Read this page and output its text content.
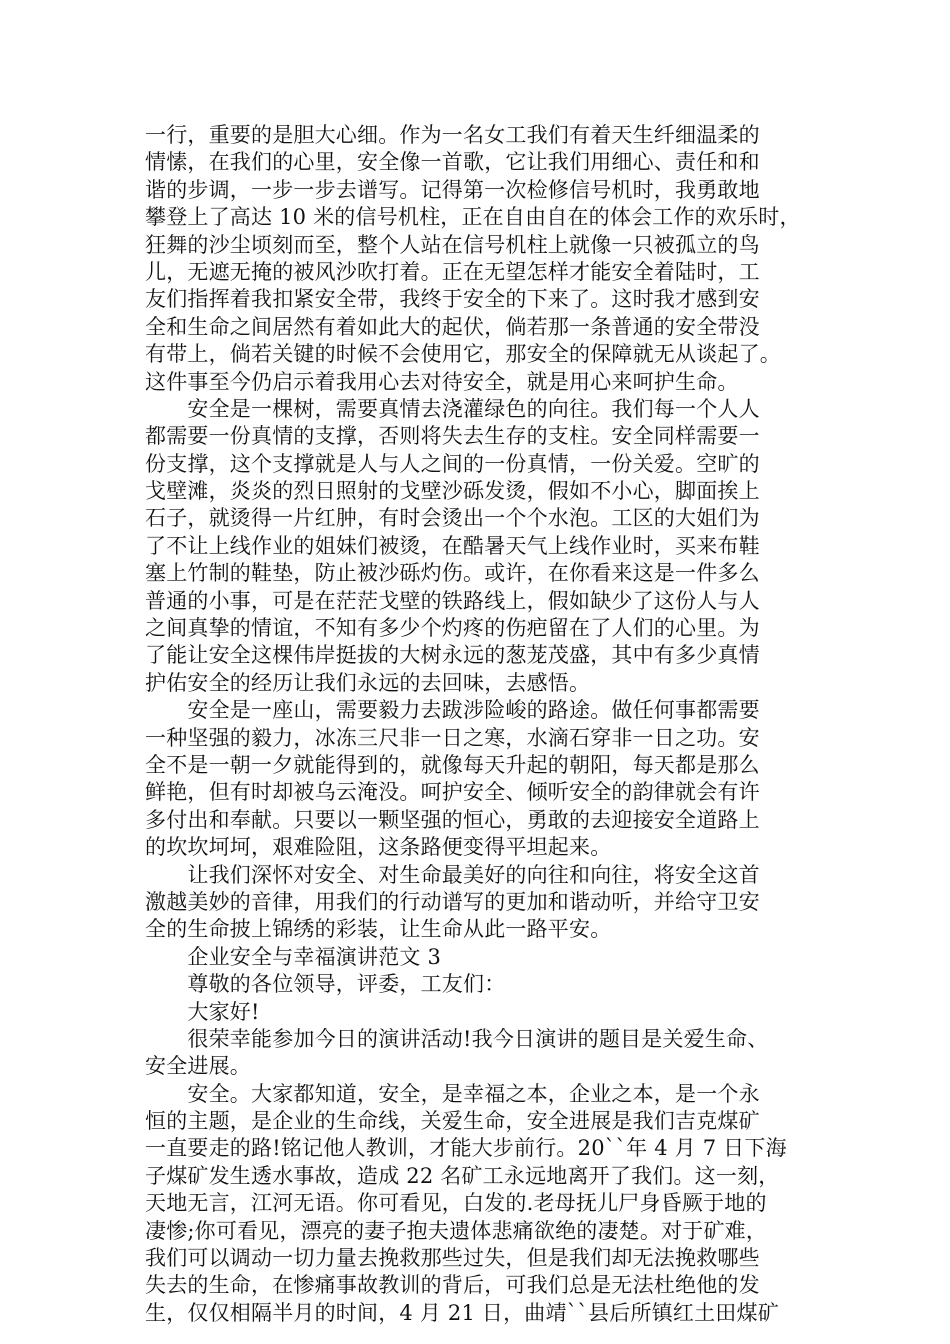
一行，重要的是胆大心细。作为一名女工我们有着天生纤细温柔的
情愫，在我们的心里，安全像一首歌，它让我们用细心、责任和和
谐的步调，一步一步去谱写。记得第一次检修信号机时，我勇敢地
攀登上了高达 10 米的信号机柱，正在自由自在的体会工作的欢乐时，
狂舞的沙尘顷刻而至，整个人站在信号机柱上就像一只被孤立的鸟
儿，无遮无掩的被风沙吹打着。正在无望怎样才能安全着陆时，工
友们指挥着我扣紧安全带，我终于安全的下来了。这时我才感到安
全和生命之间居然有着如此大的起伏，倘若那一条普通的安全带没
有带上，倘若关键的时候不会使用它，那安全的保障就无从谈起了。
这件事至今仍启示着我用心去对待安全，就是用心来呵护生命。
　　安全是一棵树，需要真情去浇灌绿色的向往。我们每一个人人
都需要一份真情的支撑，否则将失去生存的支柱。安全同样需要一
份支撑，这个支撑就是人与人之间的一份真情，一份关爱。空旷的
戈壁滩，炎炎的烈日照射的戈壁沙砾发烫，假如不小心，脚面挨上
石子，就烫得一片红肿，有时会烫出一个个水泡。工区的大姐们为
了不让上线作业的姐妹们被烫，在酷暑天气上线作业时，买来布鞋
塞上竹制的鞋垫，防止被沙砾灼伤。或许，在你看来这是一件多么
普通的小事，可是在茫茫戈壁的铁路线上，假如缺少了这份人与人
之间真挚的情谊，不知有多少个灼疼的伤疤留在了人们的心里。为
了能让安全这棵伟岸挺拔的大树永远的葱茏茂盛，其中有多少真情
护佑安全的经历让我们永远的去回味，去感悟。
　　安全是一座山，需要毅力去跋涉险峻的路途。做任何事都需要
一种坚强的毅力，冰冻三尺非一日之寒，水滴石穿非一日之功。安
全不是一朝一夕就能得到的，就像每天升起的朝阳，每天都是那么
鲜艳，但有时却被乌云淹没。呵护安全、倾听安全的韵律就会有许
多付出和奉献。只要以一颗坚强的恒心，勇敢的去迎接安全道路上
的坎坎坷坷，艰难险阻，这条路便变得平坦起来。
　　让我们深怀对安全、对生命最美好的向往和向往，将安全这首
激越美妙的音律，用我们的行动谱写的更加和谐动听，并给守卫安
全的生命披上锦绣的彩装，让生命从此一路平安。
　　企业安全与幸福演讲范文 3
　　尊敬的各位领导，评委，工友们：
　　大家好!
　　很荣幸能参加今日的演讲活动!我今日演讲的题目是关爱生命、
安全进展。
　　安全。大家都知道，安全，是幸福之本，企业之本，是一个永
恒的主题，是企业的生命线，关爱生命，安全进展是我们吉克煤矿
一直要走的路!铭记他人教训，才能大步前行。20``年 4 月 7 日下海
子煤矿发生透水事故，造成 22 名矿工永远地离开了我们。这一刻，
天地无言，江河无语。你可看见，白发的.老母抚儿尸身昏厥于地的
凄惨;你可看见，漂亮的妻子抱夫遗体悲痛欲绝的凄楚。对于矿难，
我们可以调动一切力量去挽救那些过失，但是我们却无法挽救哪些
失去的生命，在惨痛事故教训的背后，可我们总是无法杜绝他的发
生，仅仅相隔半月的时间，4 月 21 日，曲靖``县后所镇红土田煤矿
